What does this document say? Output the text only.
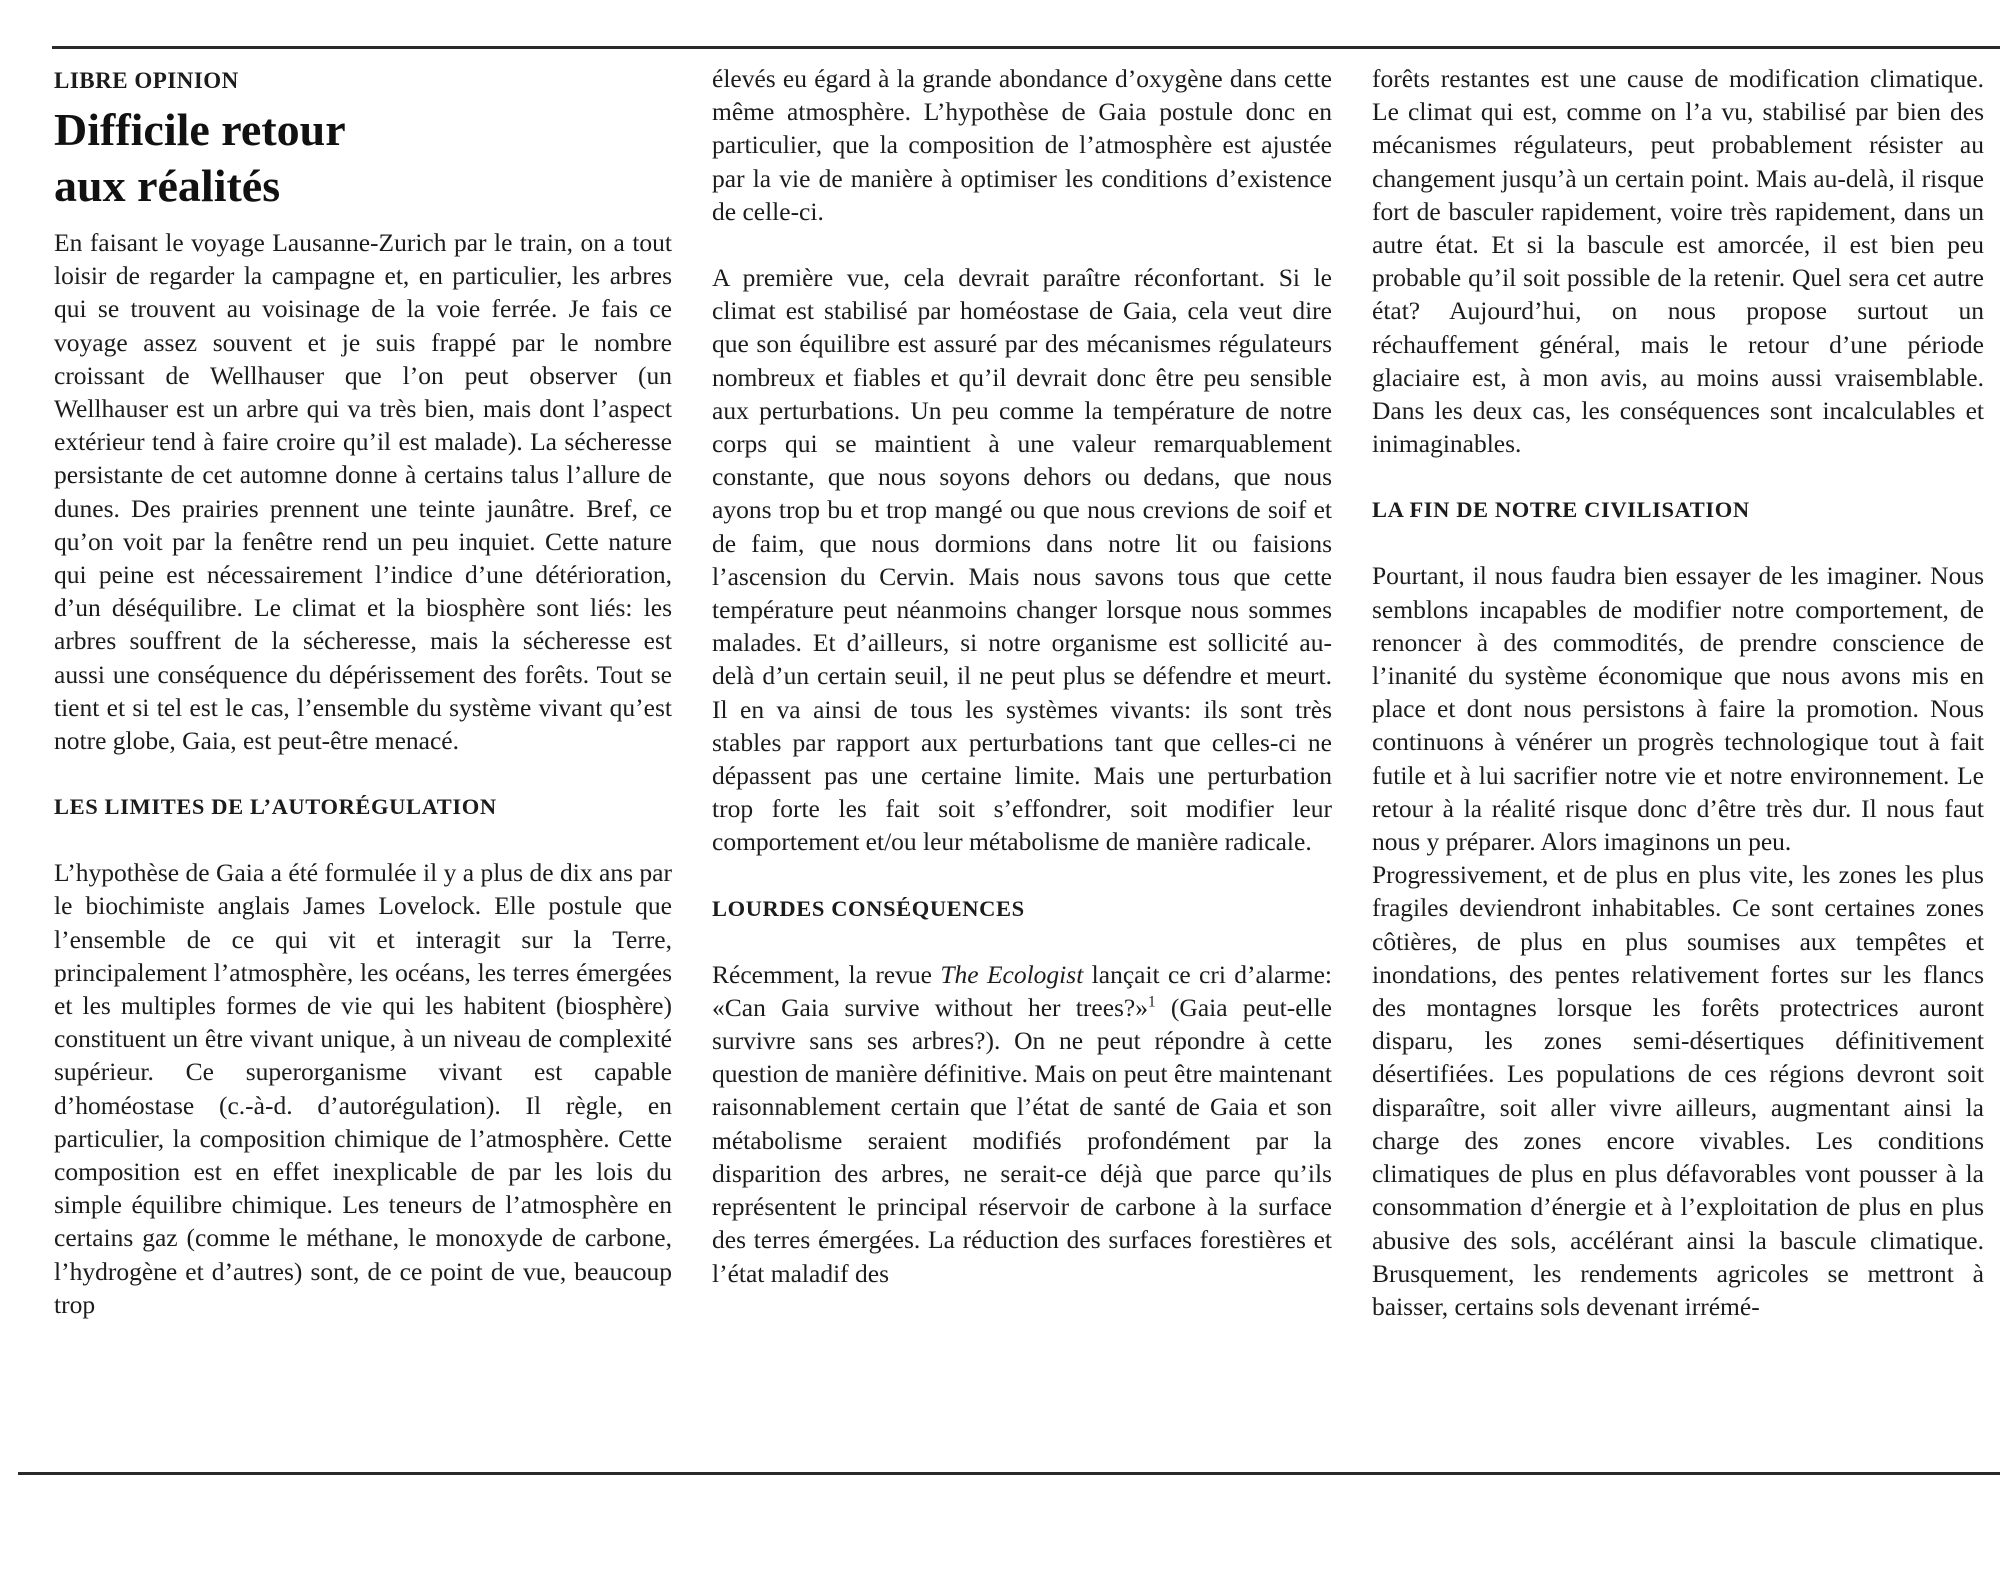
LIBRE OPINION
Difficile retour
aux réalités

En faisant le voyage Lausanne-Zurich par le train, on a tout loisir de regarder la campagne et, en particulier, les arbres qui se trouvent au voisinage de la voie ferrée. Je fais ce voyage assez souvent et je suis frappé par le nombre croissant de Wellhauser que l’on peut observer (un Wellhauser est un arbre qui va très bien, mais dont l’aspect extérieur tend à faire croire qu’il est malade). La sécheresse persistante de cet automne donne à certains talus l’allure de dunes. Des prairies prennent une teinte jaunâtre. Bref, ce qu’on voit par la fenêtre rend un peu inquiet. Cette nature qui peine est nécessairement l’indice d’une détérioration, d’un déséquilibre. Le climat et la biosphère sont liés: les arbres souffrent de la sécheresse, mais la sécheresse est aussi une conséquence du dépérissement des forêts. Tout se tient et si tel est le cas, l’ensemble du système vivant qu’est notre globe, Gaia, est peut-être menacé.

LES LIMITES DE L’AUTORÉGULATION

L’hypothèse de Gaia a été formulée il y a plus de dix ans par le biochimiste anglais James Lovelock. Elle postule que l’ensemble de ce qui vit et interagit sur la Terre, principalement l’atmosphère, les océans, les terres émergées et les multiples formes de vie qui les habitent (biosphère) constituent un être vivant unique, à un niveau de complexité supérieur. Ce superorganisme vivant est capable d’homéostase (c.-à-d. d’autorégulation). Il règle, en particulier, la composition chimique de l’atmosphère. Cette composition est en effet inexplicable de par les lois du simple équilibre chimique. Les teneurs de l’atmosphère en certains gaz (comme le méthane, le monoxyde de carbone, l’hydrogène et d’autres) sont, de ce point de vue, beaucoup trop

élevés eu égard à la grande abondance d’oxygène dans cette même atmosphère. L’hypothèse de Gaia postule donc en particulier, que la composition de l’atmosphère est ajustée par la vie de manière à optimiser les conditions d’existence de celle-ci.

A première vue, cela devrait paraître réconfortant. Si le climat est stabilisé par homéostase de Gaia, cela veut dire que son équilibre est assuré par des mécanismes régulateurs nombreux et fiables et qu’il devrait donc être peu sensible aux perturbations. Un peu comme la température de notre corps qui se maintient à une valeur remarquablement constante, que nous soyons dehors ou dedans, que nous ayons trop bu et trop mangé ou que nous crevions de soif et de faim, que nous dormions dans notre lit ou faisions l’ascension du Cervin. Mais nous savons tous que cette température peut néanmoins changer lorsque nous sommes malades. Et d’ailleurs, si notre organisme est sollicité au-delà d’un certain seuil, il ne peut plus se défendre et meurt. Il en va ainsi de tous les systèmes vivants: ils sont très stables par rapport aux perturbations tant que celles-ci ne dépassent pas une certaine limite. Mais une perturbation trop forte les fait soit s’effondrer, soit modifier leur comportement et/ou leur métabolisme de manière radicale.

LOURDES CONSÉQUENCES

Récemment, la revue The Ecologist lançait ce cri d’alarme: «Can Gaia survive without her trees?»$^1$ (Gaia peut-elle survivre sans ses arbres?). On ne peut répondre à cette question de manière définitive. Mais on peut être maintenant raisonnablement certain que l’état de santé de Gaia et son métabolisme seraient modifiés profondément par la disparition des arbres, ne serait-ce déjà que parce qu’ils représentent le principal réservoir de carbone à la surface des terres émergées. La réduction des surfaces forestières et l’état maladif des

forêts restantes est une cause de modification climatique. Le climat qui est, comme on l’a vu, stabilisé par bien des mécanismes régulateurs, peut probablement résister au changement jusqu’à un certain point. Mais au-delà, il risque fort de basculer rapidement, voire très rapidement, dans un autre état. Et si la bascule est amorcée, il est bien peu probable qu’il soit possible de la retenir. Quel sera cet autre état? Aujourd’hui, on nous propose surtout un réchauffement général, mais le retour d’une période glaciaire est, à mon avis, au moins aussi vraisemblable. Dans les deux cas, les conséquences sont incalculables et inimaginables.

LA FIN DE NOTRE CIVILISATION

Pourtant, il nous faudra bien essayer de les imaginer. Nous semblons incapables de modifier notre comportement, de renoncer à des commodités, de prendre conscience de l’inanité du système économique que nous avons mis en place et dont nous persistons à faire la promotion. Nous continuons à vénérer un progrès technologique tout à fait futile et à lui sacrifier notre vie et notre environnement. Le retour à la réalité risque donc d’être très dur. Il nous faut nous y préparer. Alors imaginons un peu.

Progressivement, et de plus en plus vite, les zones les plus fragiles deviendront inhabitables. Ce sont certaines zones côtières, de plus en plus soumises aux tempêtes et inondations, des pentes relativement fortes sur les flancs des montagnes lorsque les forêts protectrices auront disparu, les zones semi-désertiques définitivement désertifiées. Les populations de ces régions devront soit disparaître, soit aller vivre ailleurs, augmentant ainsi la charge des zones encore vivables. Les conditions climatiques de plus en plus défavorables vont pousser à la consommation d’énergie et à l’exploitation de plus en plus abusive des sols, accélérant ainsi la bascule climatique. Brusquement, les rendements agricoles se mettront à baisser, certains sols devenant irrémé-
